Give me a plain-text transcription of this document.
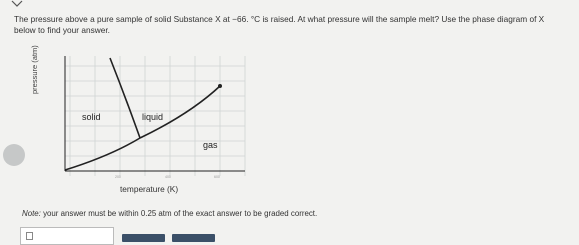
The pressure above a pure sample of solid Substance X at −66. °C is raised. At what pressure will the sample melt? Use the phase diagram of X
below to find your answer.
pressure (atm)
solid	liquid
gas
200	400	600
temperature (K)
Note: your answer must be within 0.25 atm of the exact answer to be graded correct.
